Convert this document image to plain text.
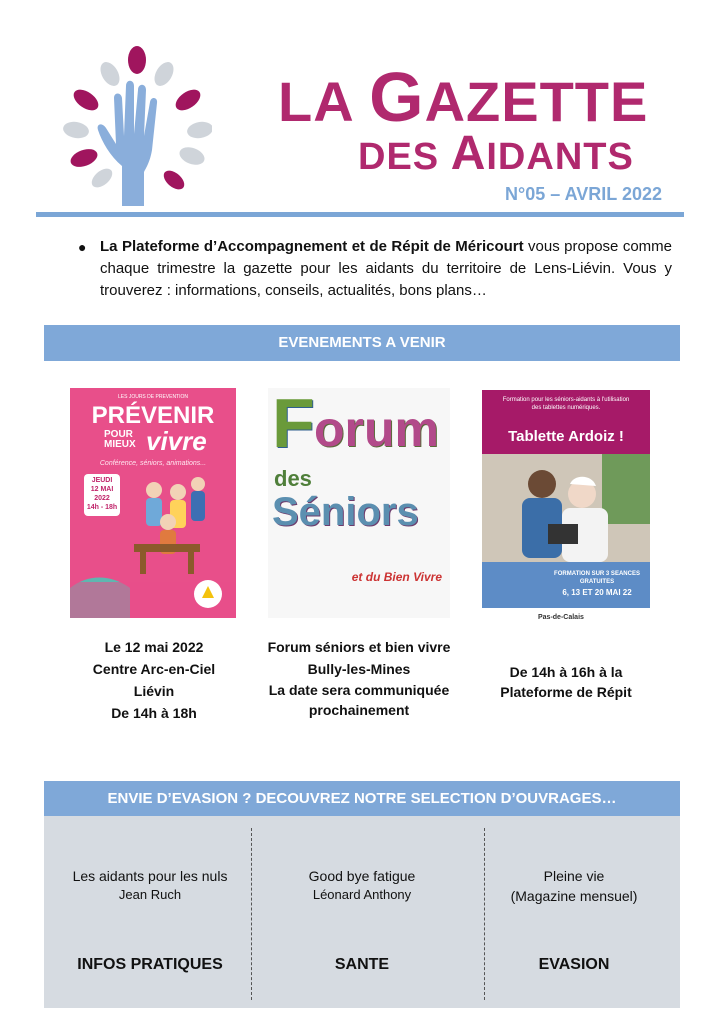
LA GAZETTE
DES AIDANTS
N°05 – AVRIL 2022
● La Plateforme d’Accompagnement et de Répit de Méricourt vous propose comme chaque trimestre la gazette pour les aidants du territoire de Lens-Liévin. Vous y trouverez : informations, conseils, actualités, bons plans…

EVENEMENTS A VENIR
LES JOURS DE PREVENTION
PRÉVENIR
POUR
MIEUX vivre
Conférence, séniors, animations...
JEUDI
12 MAI
2022
14h - 18h
F orum
des
Séniors
et du Bien Vivre
Formation pour les séniors-aidants à l'utilisation des tablettes numériques.
Tablette Ardoiz !
FORMATION SUR 3 SEANCES GRATUITES
6, 13 ET 20 MAI 22
Pas-de-Calais
Le 12 mai 2022
Centre Arc-en-Ciel
Liévin
De 14h à 18h
Forum séniors et bien vivre
Bully-les-Mines
La date sera communiquée prochainement
De 14h à 16h à la Plateforme de Répit
ENVIE D’EVASION ? DECOUVREZ NOTRE SELECTION D’OUVRAGES…
Les aidants pour les nuls
Jean Ruch
INFOS PRATIQUES
Good bye fatigue
Léonard Anthony
SANTE
Pleine vie
(Magazine mensuel)
EVASION
